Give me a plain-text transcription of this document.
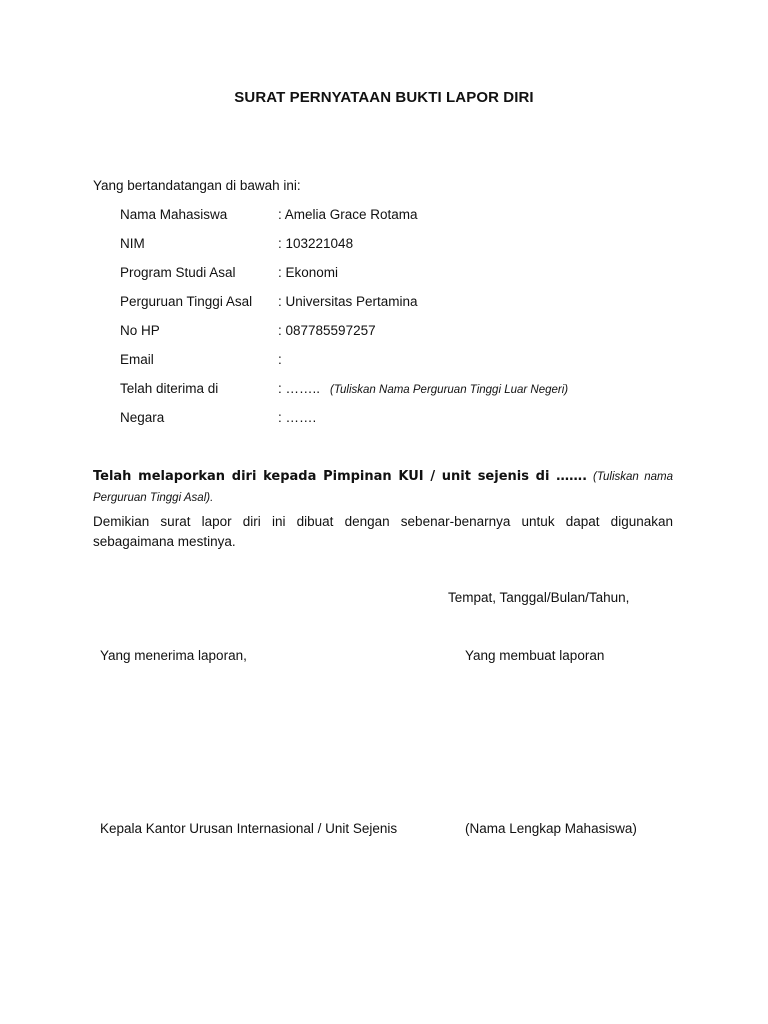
SURAT PERNYATAAN BUKTI LAPOR DIRI
Yang bertandatangan di bawah ini:
Nama Mahasiswa	: Amelia Grace Rotama
NIM	: 103221048
Program Studi Asal	: Ekonomi
Perguruan Tinggi Asal : Universitas Pertamina
No HP	: 087785597257
Email	:
Telah diterima di	: …….. (Tuliskan Nama Perguruan Tinggi Luar Negeri)
Negara	: …….
Telah melaporkan diri kepada Pimpinan KUI / unit sejenis di ……. (Tuliskan nama Perguruan Tinggi Asal).
Demikian surat lapor diri ini dibuat dengan sebenar-benarnya untuk dapat digunakan sebagaimana mestinya.
Tempat, Tanggal/Bulan/Tahun,
Yang menerima laporan,	Yang membuat laporan
Kepala Kantor Urusan Internasional / Unit Sejenis	(Nama Lengkap Mahasiswa)
